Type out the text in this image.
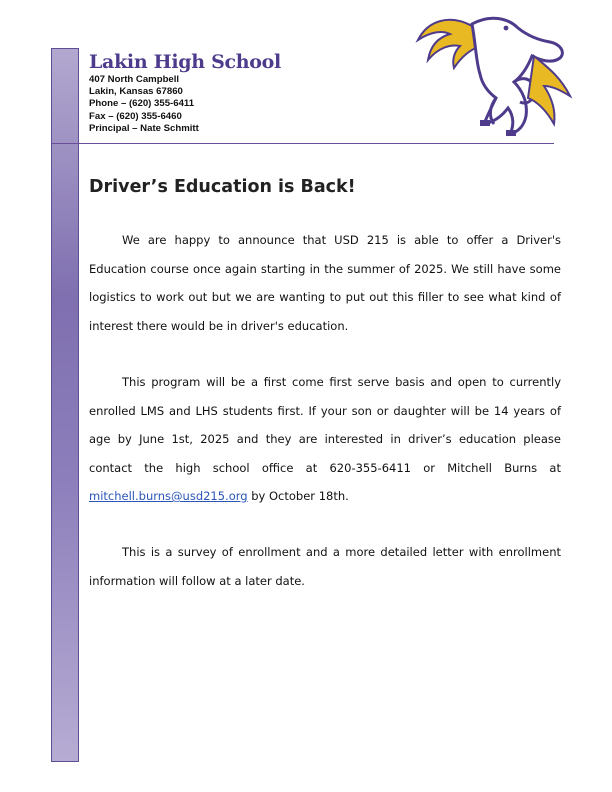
Lakin High School
407 North Campbell
Lakin, Kansas 67860
Phone – (620) 355-6411
Fax – (620) 355-6460
Principal – Nate Schmitt
Driver’s Education is Back!

We are happy to announce that USD 215 is able to offer a Driver's Education course once again starting in the summer of 2025. We still have some logistics to work out but we are wanting to put out this filler to see what kind of interest there would be in driver's education.

This program will be a first come first serve basis and open to currently enrolled LMS and LHS students first. If your son or daughter will be 14 years of age by June 1st, 2025 and they are interested in driver’s education please contact the high school office at 620-355-6411 or Mitchell Burns at mitchell.burns@usd215.org by October 18th.

This is a survey of enrollment and a more detailed letter with enrollment information will follow at a later date.
